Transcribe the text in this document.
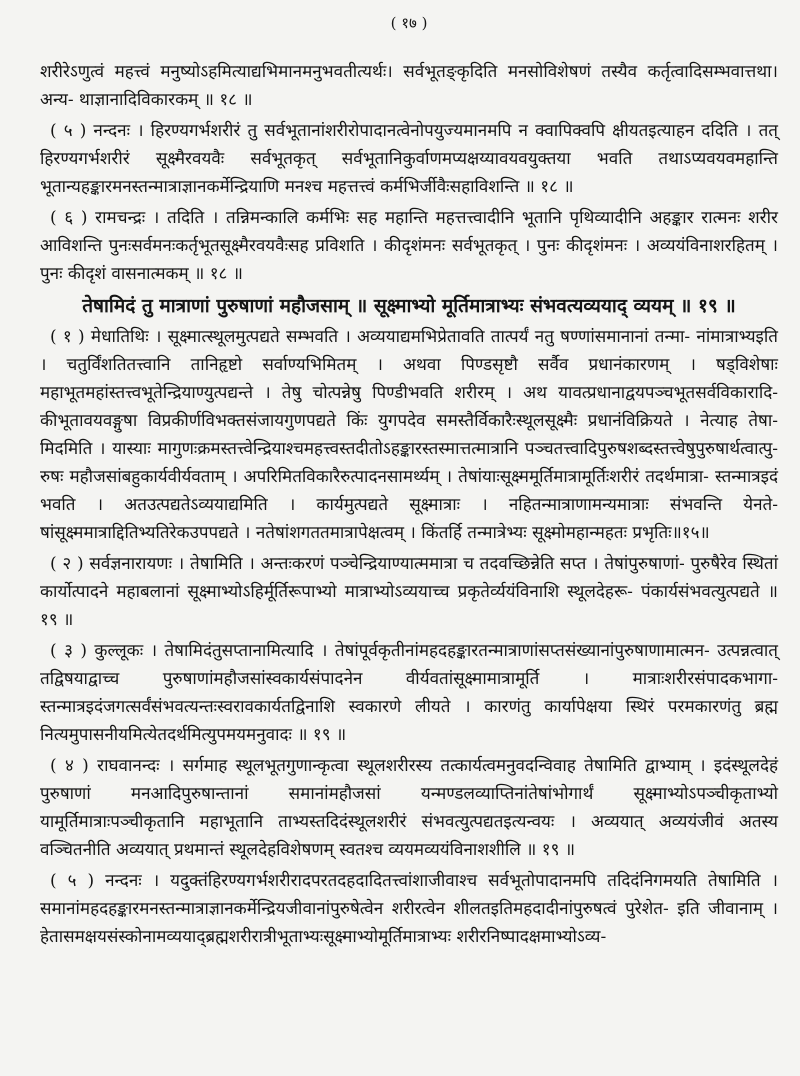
( १७ )

शरीरेऽणुत्वं महत्त्वं मनुष्योऽहमित्याद्यभिमानमनुभवतीत्यर्थः। सर्वभूतङ्कृदिति मनसोविशेषणं तस्यैव कर्तृत्वादिसम्भवात्तथा। अन्य- थाज्ञानादिविकारकम् ॥ १८ ॥

( ५ ) नन्दनः । हिरण्यगर्भशरीरं तु सर्वभूतानांशरीरोपादानत्वेनोपयुज्यमानमपि न क्वापिक्वपि क्षीयतइत्याहन ददिति । तत् हिरण्यगर्भशरीरं सूक्ष्मैरवयवैः सर्वभूतकृत् सर्वभूतानिकुर्वाणमप्यक्षय्यावयवयुक्तया भवति तथाऽप्यवयवमहान्ति भूतान्यहङ्कारमनस्तन्मात्राज्ञानकर्मेन्द्रियाणि मनश्च महत्तत्त्वं कर्मभिर्जीवैःसहाविशन्ति ॥ १८ ॥

( ६ ) रामचन्द्रः । तदिति । तन्निमन्कालि कर्मभिः सह महान्ति महत्तत्त्वादीनि भूतानि पृथिव्यादीनि अहङ्कार रात्मनः शरीर आविशन्ति पुनःसर्वमनःकर्तृभूतसूक्ष्मैरवयवैःसह प्रविशति । कीदृशंमनः सर्वभूतकृत् । पुनः कीदृशंमनः । अव्ययंविनाशरहितम् । पुनः कीदृशं वासनात्मकम् ॥ १८ ॥

तेषामिदं तु मात्राणां पुरुषाणां महौजसाम् ॥ सूक्ष्माभ्यो मूर्तिमात्राभ्यः संभवत्यव्ययाद् व्ययम् ॥ १९ ॥

( १ ) मेधातिथिः । सूक्ष्मात्स्थूलमुत्पद्यते सम्भवति । अव्ययाद्यमभिप्रेतावति तात्पर्यं नतु षण्णांसमानानां तन्मा- नांमात्राभ्यइति । चतुर्विंशतितत्त्वानि तानिहृष्टो सर्वाण्यभिमितम् । अथवा पिण्डसृष्टौ सर्वैव प्रधानंकारणम् । षड्विशेषाः महाभूतमहांस्तत्त्वभूतेन्द्रियाण्युत्पद्यन्ते । तेषु चोत्पन्नेषु पिण्डीभवति शरीरम् । अथ यावत्प्रधानाद्वयपञ्चभूतसर्वविकारादि- कीभूतावयवङ्गुषा विप्रकीर्णविभक्तसंजायगुणपद्यते किंः युगपदेव समस्तैर्विकारैःस्थूलसूक्ष्मैः प्रधानंविक्रियते । नेत्याह तेषा- मिदमिति । यास्याः मागुणःक्रमस्तत्त्वेन्द्रियाश्चमहत्त्वस्तदीतोऽहङ्कारस्तस्मात्तत्मात्रानि पञ्चतत्त्वादिपुरुषशब्दस्तत्त्वेषुपुरुषार्थत्वात्पु- रुषः महौजसांबहुकार्यवीर्यवताम् । अपरिमितविकारैरुत्पादनसामर्थ्यम् । तेषांयाःसूक्ष्ममूर्तिमात्रामूर्तिःशरीरं तदर्थमात्रा- स्तन्मात्रइदं भवति । अतउत्पद्यतेऽव्ययाद्यमिति । कार्यमुत्पद्यते सूक्ष्मात्राः । नहितन्मात्राणामन्यमात्राः संभवन्ति येनते- षांसूक्ष्ममात्राद्दितिभ्यतिरेकउपपद्यते । नतेषांशगततमात्रापेक्षत्वम् । किंतर्हि तन्मात्रेभ्यः सूक्ष्मोमहान्महतः प्रभृतिः॥१५॥

( २ ) सर्वज्ञनारायणः । तेषामिति । अन्तःकरणं पञ्चेन्द्रियाण्यात्ममात्रा च तदवच्छिन्नेति सप्त । तेषांपुरुषाणां- पुरुषैरेव स्थितां कार्योत्पादने महाबलानां सूक्ष्माभ्योऽहिर्मूर्तिरूपाभ्यो मात्राभ्योऽव्ययाच्च प्रकृतेर्व्ययंविनाशि स्थूलदेहरू- पंकार्यसंभवत्युत्पद्यते ॥ १९ ॥

( ३ ) कुल्लूकः । तेषामिदंतुसप्तानामित्यादि । तेषांपूर्वकृतीनांमहदहङ्कारतन्मात्राणांसप्तसंख्यानांपुरुषाणामात्मन- उत्पन्नत्वात् तद्विषयाद्वाच्च पुरुषाणांमहौजसांस्वकार्यसंपादनेन वीर्यवतांसूक्ष्मामात्रामूर्ति । मात्राःशरीरसंपादकभागा- स्तन्मात्रइदंजगत्सर्वंसंभवत्यन्तःस्वरावकार्यतद्विनाशि स्वकारणे लीयते । कारणंतु कार्यापेक्षया स्थिरं परमकारणंतु ब्रह्म नित्यमुपासनीयमित्येतदर्थमित्युपमयमनुवादः ॥ १९ ॥

( ४ ) राघवानन्दः । सर्गमाह स्थूलभूतगुणान्कृत्वा स्थूलशरीरस्य तत्कार्यत्वमनुवदन्विवाह तेषामिति द्वाभ्याम् । इदंस्थूलदेहं पुरुषाणां मनआदिपुरुषान्तानां समानांमहौजसां यन्मण्डलव्याप्तिनांतेषांभोगार्थं सूक्ष्माभ्योऽपञ्चीकृताभ्यो यामूर्तिमात्राःपञ्चीकृतानि महाभूतानि ताभ्यस्तदिदंस्थूलशरीरं संभवत्युत्पद्यतइत्यन्वयः । अव्ययात् अव्ययंजीवं अतस्य वञ्चितनीति अव्ययात् प्रथमान्तं स्थूलदेहविशेषणम् स्वतश्च व्ययमव्ययंविनाशशीलि ॥ १९ ॥

( ५ ) नन्दनः । यदुक्तंहिरण्यगर्भशरीरादपरतदहदादितत्त्वांशाजीवाश्च सर्वभूतोपादानमपि तदिदंनिगमयति तेषामिति । समानांमहदहङ्कारमनस्तन्मात्राज्ञानकर्मेन्द्रियजीवानांपुरुषेत्वेन शरीरत्वेन शीलतइतिमहदादीनांपुरुषत्वं पुरेशेत- इति जीवानाम् । हेतासमक्षयसंस्कोनामव्ययाद्ब्रह्मशरीरात्रीभूताभ्यःसूक्ष्माभ्योमूर्तिमात्राभ्यः शरीरनिष्पादक्षमाभ्योऽव्य-
